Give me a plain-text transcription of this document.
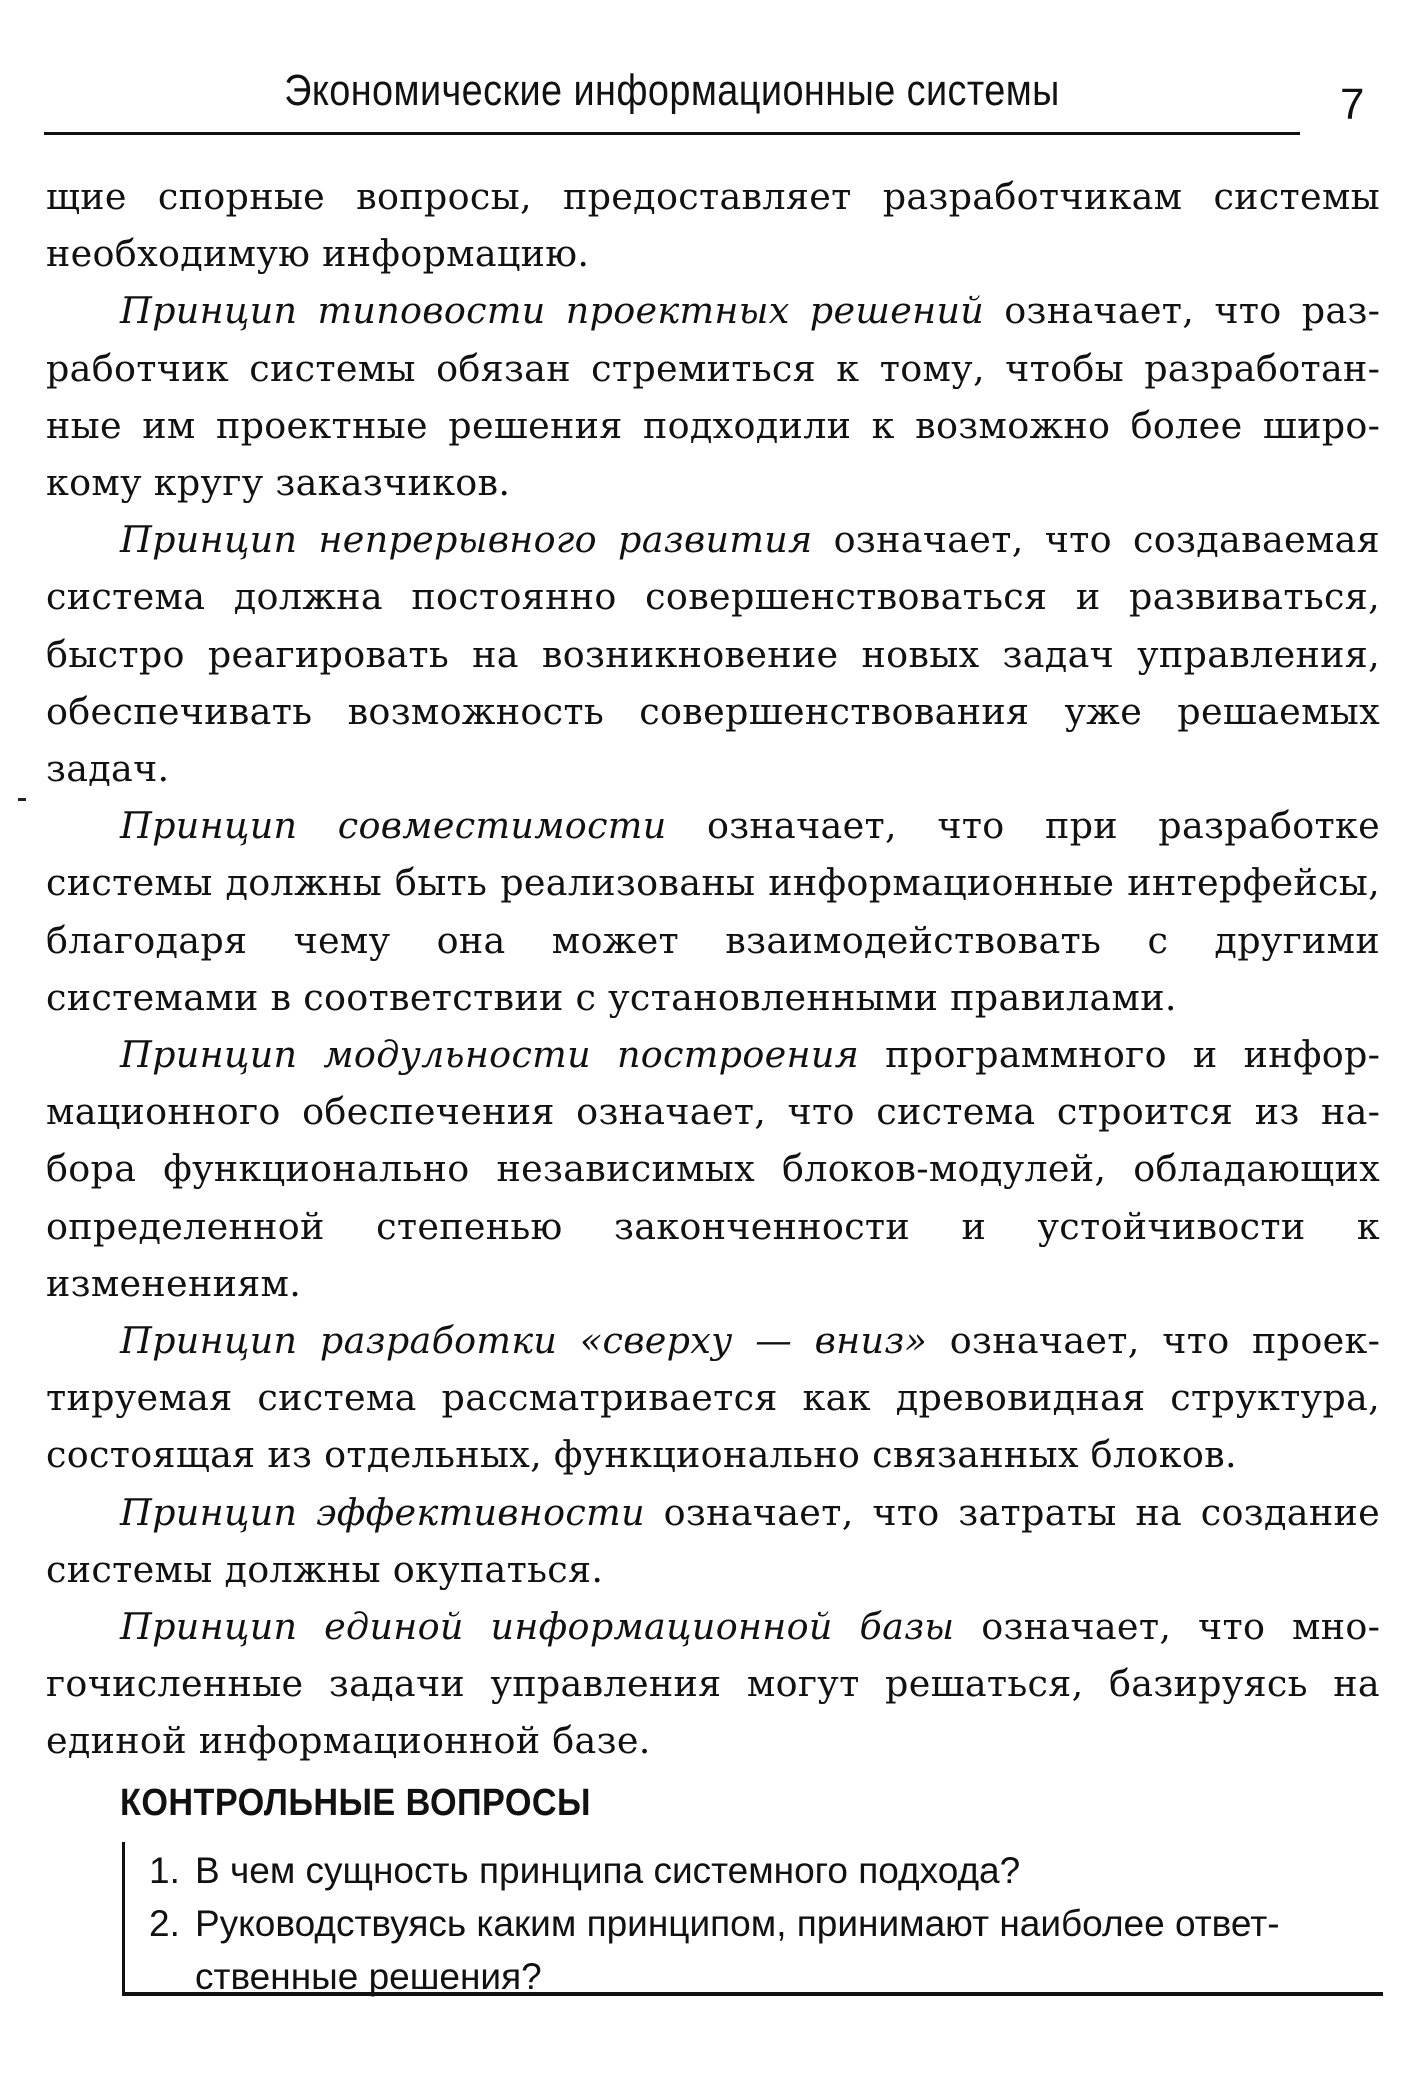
Экономические информационные системы	7

щие спорные вопросы, предоставляет разработчикам системы необходимую информацию.

Принцип типовости проектных решений означает, что разработчик системы обязан стремиться к тому, чтобы разработанные им проектные решения подходили к возможно более широкому кругу заказчиков.

Принцип непрерывного развития означает, что создаваемая система должна постоянно совершенствоваться и развиваться, быстро реагировать на возникновение новых задач управления, обеспечивать возможность совершенствования уже решаемых задач.

Принцип совместимости означает, что при разработке системы должны быть реализованы информационные интерфейсы, благодаря чему она может взаимодействовать с другими системами в соответствии с установленными правилами.

Принцип модульности построения программного и информационного обеспечения означает, что система строится из набора функционально независимых блоков-модулей, обладающих определенной степенью законченности и устойчивости к изменениям.

Принцип разработки «сверху — вниз» означает, что проектируемая система рассматривается как древовидная структура, состоящая из отдельных, функционально связанных блоков.

Принцип эффективности означает, что затраты на создание системы должны окупаться.

Принцип единой информационной базы означает, что многочисленные задачи управления могут решаться, базируясь на единой информационной базе.

КОНТРОЛЬНЫЕ ВОПРОСЫ
1. В чем сущность принципа системного подхода?
2. Руководствуясь каким принципом, принимают наиболее ответственные решения?
